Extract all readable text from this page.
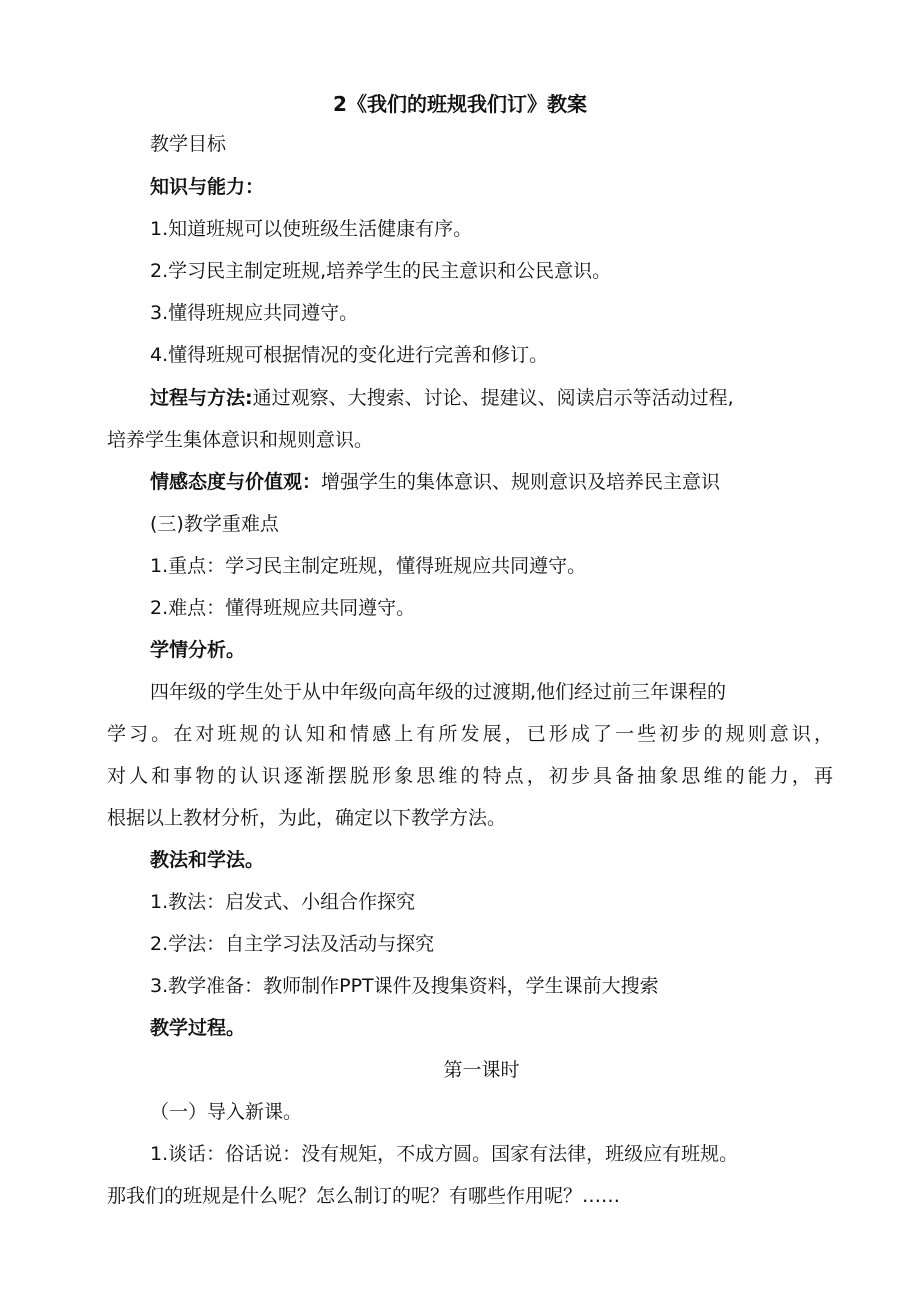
2《我们的班规我们订》教案
教学目标
知识与能力：
1.知道班规可以使班级生活健康有序。
2.学习民主制定班规,培养学生的民主意识和公民意识。
3.懂得班规应共同遵守。
4.懂得班规可根据情况的变化进行完善和修订。
过程与方法:通过观察、大搜索、讨论、提建议、阅读启示等活动过程,
培养学生集体意识和规则意识。
情感态度与价值观：增强学生的集体意识、规则意识及培养民主意识
(三)教学重难点
1.重点：学习民主制定班规，懂得班规应共同遵守。
2.难点：懂得班规应共同遵守。
学情分析。
四年级的学生处于从中年级向高年级的过渡期,他们经过前三年课程的
学习。在对班规的认知和情感上有所发展，已形成了一些初步的规则意识，
对人和事物的认识逐渐摆脱形象思维的特点，初步具备抽象思维的能力，再
根据以上教材分析，为此，确定以下教学方法。
教法和学法。
1.教法：启发式、小组合作探究
2.学法：自主学习法及活动与探究
3.教学准备：教师制作PPT课件及搜集资料，学生课前大搜索
教学过程。
第一课时
（一）导入新课。
1.谈话：俗话说：没有规矩，不成方圆。国家有法律，班级应有班规。
那我们的班规是什么呢？怎么制订的呢？有哪些作用呢？……
